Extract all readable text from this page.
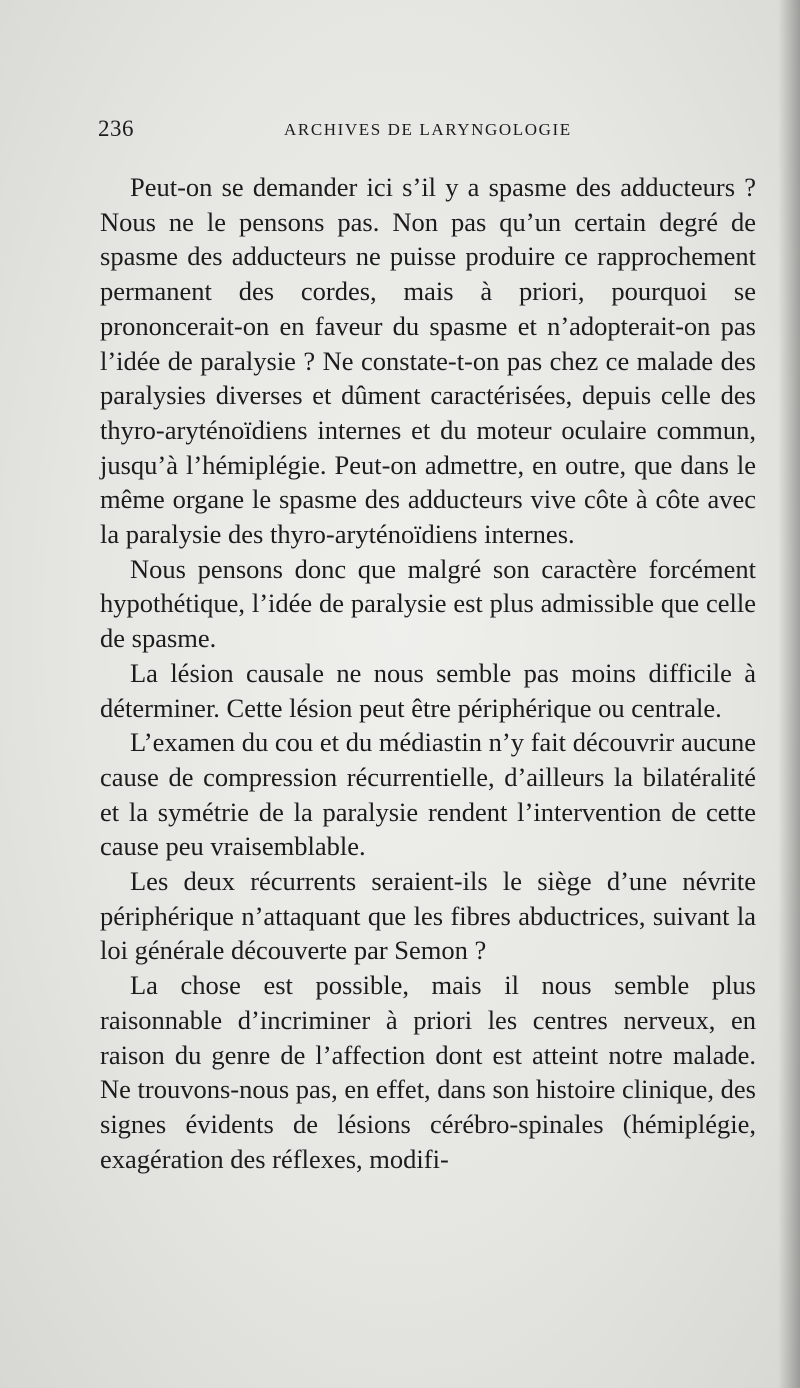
236	ARCHIVES DE LARYNGOLOGIE

Peut-on se demander ici s’il y a spasme des adducteurs ? Nous ne le pensons pas. Non pas qu’un certain degré de spasme des adducteurs ne puisse produire ce rapprochement permanent des cordes, mais à priori, pourquoi se prononcerait-on en faveur du spasme et n’adopterait-on pas l’idée de paralysie ? Ne constate-t-on pas chez ce malade des paralysies diverses et dûment caractérisées, depuis celle des thyro-aryténoïdiens internes et du moteur oculaire commun, jusqu’à l’hémiplégie. Peut-on admettre, en outre, que dans le même organe le spasme des adducteurs vive côte à côte avec la paralysie des thyro-aryténoïdiens internes.

Nous pensons donc que malgré son caractère forcément hypothétique, l’idée de paralysie est plus admissible que celle de spasme.

La lésion causale ne nous semble pas moins difficile à déterminer. Cette lésion peut être périphérique ou centrale.

L’examen du cou et du médiastin n’y fait découvrir aucune cause de compression récurrentielle, d’ailleurs la bilatéralité et la symétrie de la paralysie rendent l’intervention de cette cause peu vraisemblable.

Les deux récurrents seraient-ils le siège d’une névrite périphérique n’attaquant que les fibres abductrices, suivant la loi générale découverte par Semon ?

La chose est possible, mais il nous semble plus raisonnable d’incriminer à priori les centres nerveux, en raison du genre de l’affection dont est atteint notre malade. Ne trouvons-nous pas, en effet, dans son histoire clinique, des signes évidents de lésions cérébro-spinales (hémiplégie, exagération des réflexes, modifi-
